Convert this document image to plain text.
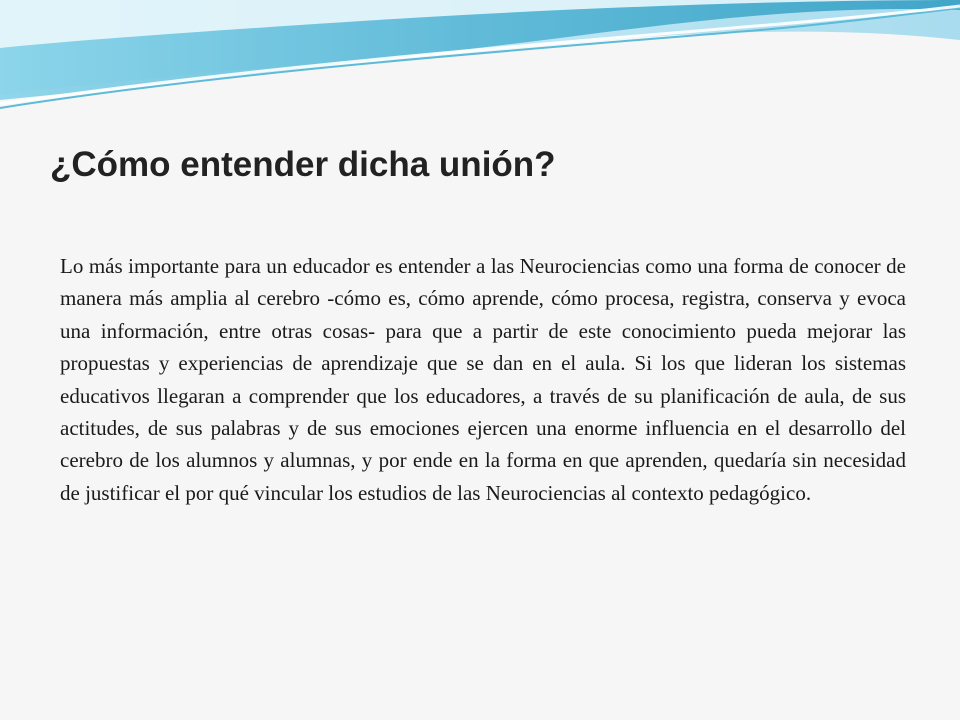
¿Cómo entender dicha unión?

Lo más importante para un educador es entender a las Neurociencias como una forma de conocer de manera más amplia al cerebro -cómo es, cómo aprende, cómo procesa, registra, conserva y evoca una información, entre otras cosas- para que a partir de este conocimiento pueda mejorar las propuestas y experiencias de aprendizaje que se dan en el aula. Si los que lideran los sistemas educativos llegaran a comprender que los educadores, a través de su planificación de aula, de sus actitudes, de sus palabras y de sus emociones ejercen una enorme influencia en el desarrollo del cerebro de los alumnos y alumnas, y por ende en la forma en que aprenden, quedaría sin necesidad de justificar el por qué vincular los estudios de las Neurociencias al contexto pedagógico.
